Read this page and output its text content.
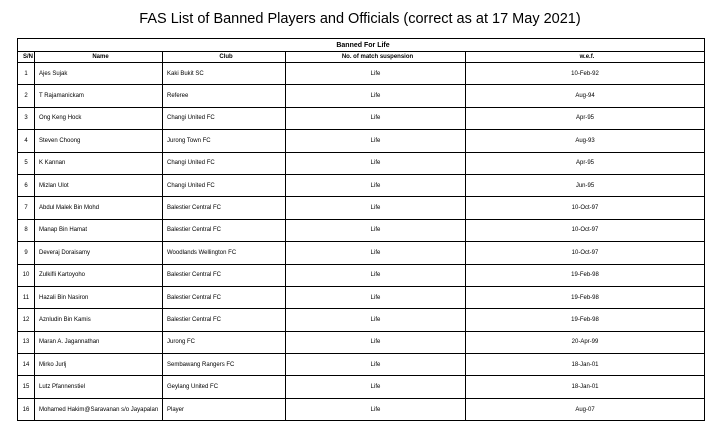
FAS List of Banned Players and Officials (correct as at 17 May 2021)
Banned For Life				
S/N	Name	Club	No. of match suspension	w.e.f.
1	Ajes Sujak	Kaki Bukit SC	Life	10-Feb-92
2	T Rajamanickam	Referee	Life	Aug-94
3	Ong Keng Hock	Changi United FC	Life	Apr-95
4	Steven Choong	Jurong Town FC	Life	Aug-93
5	K Kannan	Changi United FC	Life	Apr-95
6	Mizlan Ulot	Changi United FC	Life	Jun-95
7	Abdul Malek Bin Mohd	Balestier Central FC	Life	10-Oct-97
8	Manap Bin Hamat	Balestier Central FC	Life	10-Oct-97
9	Deveraj Doraisamy	Woodlands Wellington FC	Life	10-Oct-97
10	Zulkifli Kartoyoho	Balestier Central FC	Life	19-Feb-98
11	Hazali Bin Nasiron	Balestier Central FC	Life	19-Feb-98
12	Aznludin Bin Kamis	Balestier Central FC	Life	19-Feb-98
13	Maran A. Jagannathan	Jurong FC	Life	20-Apr-99
14	Mirko Jurlj	Sembawang Rangers FC	Life	18-Jan-01
15	Lutz Pfannenstiel	Geylang United FC	Life	18-Jan-01
16	Mohamed Hakim@Saravanan s/o Jayapalan	Player	Life	Aug-07
